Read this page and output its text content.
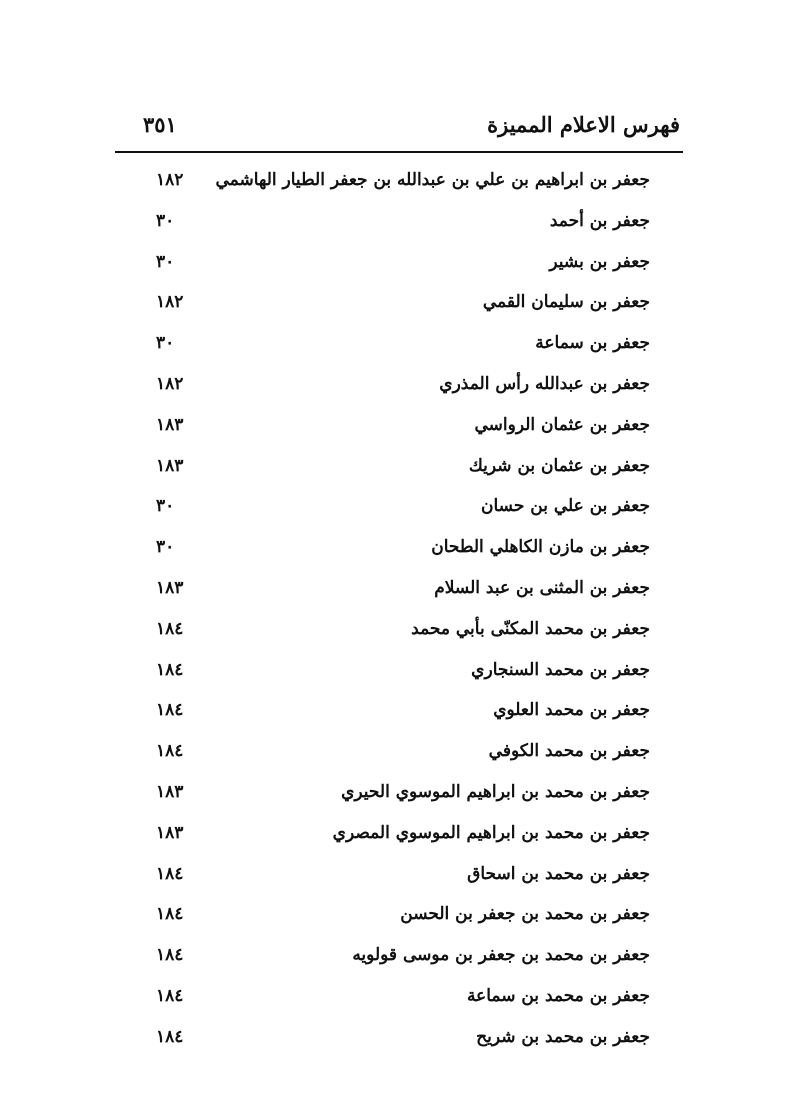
فهرس الاعلام المميزة
٣٥١
جعفر بن ابراهيم بن علي بن عبدالله بن جعفر الطيار الهاشمي
١٨٢
جعفر بن أحمد
٣٠
جعفر بن بشير
٣٠
جعفر بن سليمان القمي
١٨٢
جعفر بن سماعة
٣٠
جعفر بن عبدالله رأس المذري
١٨٢
جعفر بن عثمان الرواسي
١٨٣
جعفر بن عثمان بن شريك
١٨٣
جعفر بن علي بن حسان
٣٠
جعفر بن مازن الكاهلي الطحان
٣٠
جعفر بن المثنى بن عبد السلام
١٨٣
جعفر بن محمد المكنّى بأبي محمد
١٨٤
جعفر بن محمد السنجاري
١٨٤
جعفر بن محمد العلوي
١٨٤
جعفر بن محمد الكوفي
١٨٤
جعفر بن محمد بن ابراهيم الموسوي الحيري
١٨٣
جعفر بن محمد بن ابراهيم الموسوي المصري
١٨٣
جعفر بن محمد بن اسحاق
١٨٤
جعفر بن محمد بن جعفر بن الحسن
١٨٤
جعفر بن محمد بن جعفر بن موسى قولويه
١٨٤
جعفر بن محمد بن سماعة
١٨٤
جعفر بن محمد بن شريح
١٨٤
